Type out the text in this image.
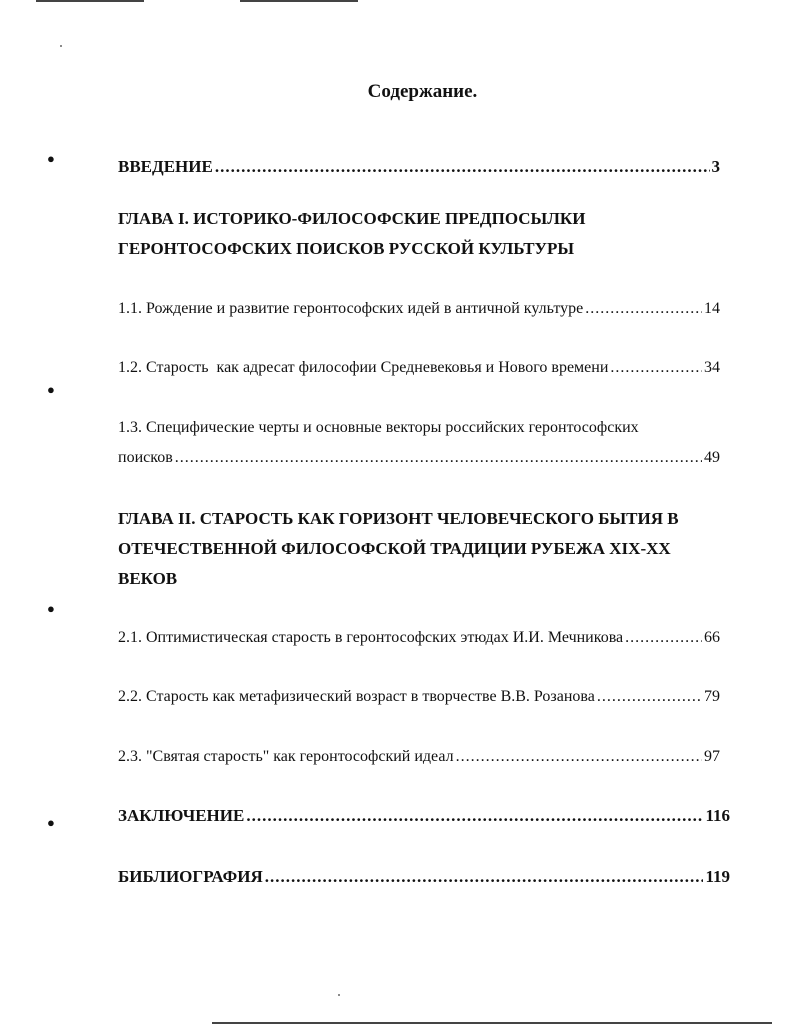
●
●
●
●
Содержание.
ВВЕДЕНИЕ .....	3
ГЛАВА I. ИСТОРИКО-ФИЛОСОФСКИЕ ПРЕДПОСЫЛКИ
ГЕРОНТОСОФСКИХ ПОИСКОВ РУССКОЙ КУЛЬТУРЫ
1.1. Рождение и развитие геронтософских идей в античной культуре .....	14
1.2. Старость  как адресат философии Средневековья и Нового времени .....	34
1.3. Специфические черты и основные векторы российских геронтософских
поисков .....	49
ГЛАВА II. СТАРОСТЬ КАК ГОРИЗОНТ ЧЕЛОВЕЧЕСКОГО БЫТИЯ В
ОТЕЧЕСТВЕННОЙ ФИЛОСОФСКОЙ ТРАДИЦИИ РУБЕЖА XIX-XX
ВЕКОВ
2.1. Оптимистическая старость в геронтософских этюдах И.И. Мечникова .....	66
2.2. Старость как метафизический возраст в творчестве В.В. Розанова .....	79
2.3. "Святая старость" как геронтософский идеал .....	97
ЗАКЛЮЧЕНИЕ .....	116
БИБЛИОГРАФИЯ .....	119
